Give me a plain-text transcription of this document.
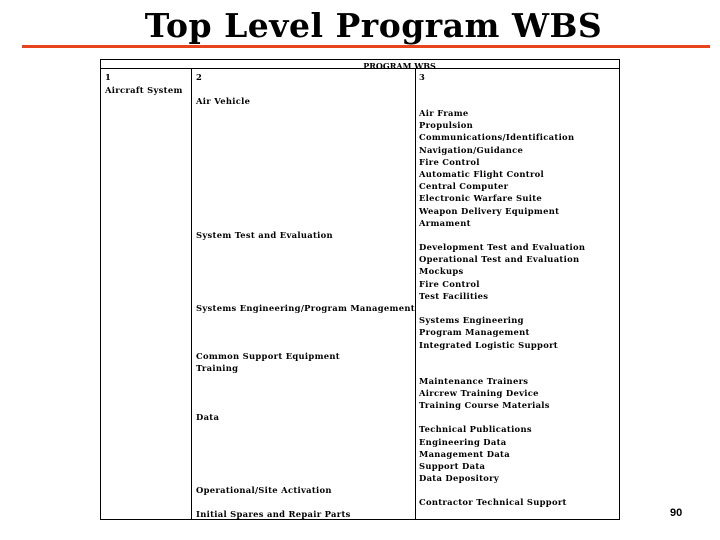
Top Level Program WBS
PROGRAM WBS
1
Aircraft System
2
Air Vehicle
System Test and Evaluation
Systems Engineering/Program Management
Common Support Equipment
Training
Data
Operational/Site Activation
Initial Spares and Repair Parts
3
Air Frame
Propulsion
Communications/Identification
Navigation/Guidance
Fire Control
Automatic Flight Control
Central Computer
Electronic Warfare Suite
Weapon Delivery Equipment
Armament
Development Test and Evaluation
Operational Test and Evaluation
Mockups
Fire Control
Test Facilities
Systems Engineering
Program Management
Integrated Logistic Support
Maintenance Trainers
Aircrew Training Device
Training Course Materials
Technical Publications
Engineering Data
Management Data
Support Data
Data Depository
Contractor Technical Support
90
